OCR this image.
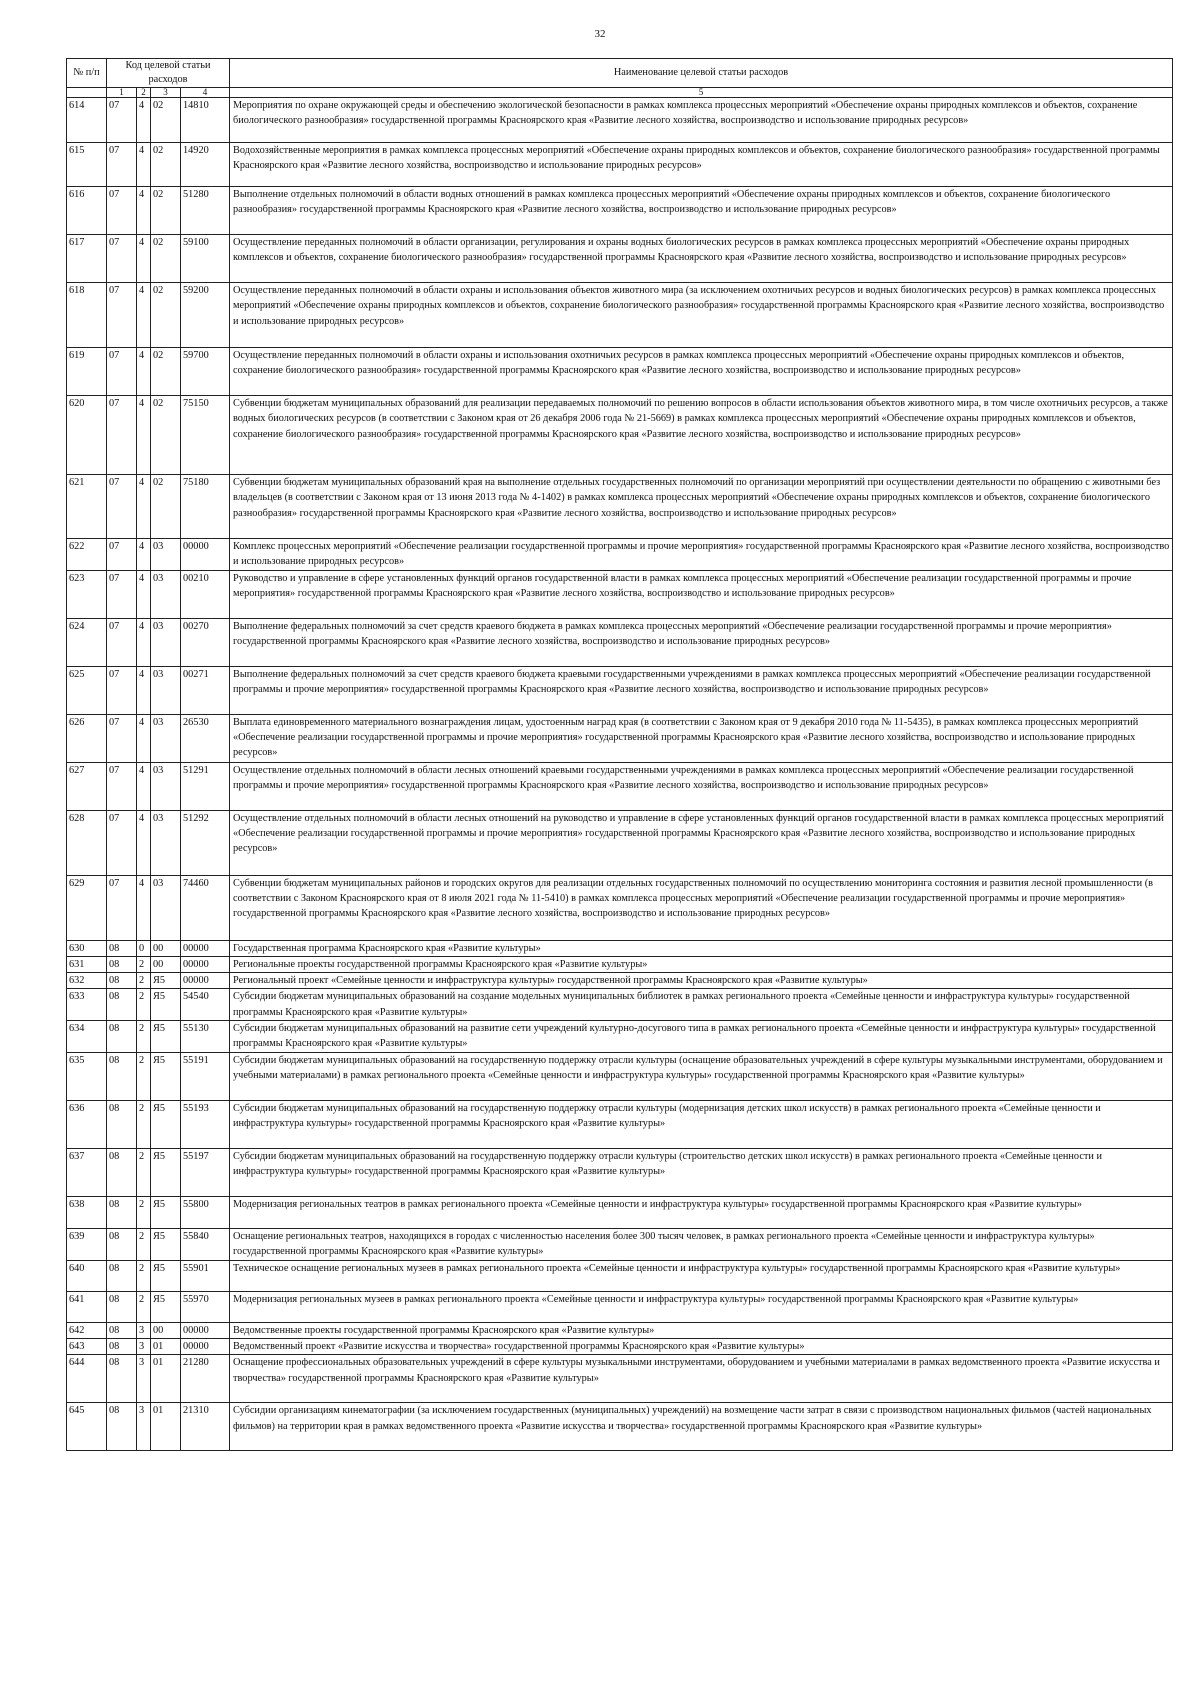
32
№ п/п	Код целевой статьи расходов				Наименование целевой статьи расходов

	1	2	3	4	5
614	07	4	02	14810	Мероприятия по охране окружающей среды и обеспечению экологической безопасности в рамках комплекса процессных мероприятий «Обеспечение охраны природных комплексов и объектов, сохранение биологического разнообразия» государственной программы Красноярского края «Развитие лесного хозяйства, воспроизводство и использование природных ресурсов»
615	07	4	02	14920	Водохозяйственные мероприятия в рамках комплекса процессных мероприятий «Обеспечение охраны природных комплексов и объектов, сохранение биологического разнообразия» государственной программы Красноярского края «Развитие лесного хозяйства, воспроизводство и использование природных ресурсов»
616	07	4	02	51280	Выполнение отдельных полномочий в области водных отношений в рамках комплекса процессных мероприятий «Обеспечение охраны природных комплексов и объектов, сохранение биологического разнообразия» государственной программы Красноярского края «Развитие лесного хозяйства, воспроизводство и использование природных ресурсов»
617	07	4	02	59100	Осуществление переданных полномочий в области организации, регулирования и охраны водных биологических ресурсов в рамках комплекса процессных мероприятий «Обеспечение охраны природных комплексов и объектов, сохранение биологического разнообразия» государственной программы Красноярского края «Развитие лесного хозяйства, воспроизводство и использование природных ресурсов»
618	07	4	02	59200	Осуществление переданных полномочий в области охраны и использования объектов животного мира (за исключением охотничьих ресурсов и водных биологических ресурсов) в рамках комплекса процессных мероприятий «Обеспечение охраны природных комплексов и объектов, сохранение биологического разнообразия» государственной программы Красноярского края «Развитие лесного хозяйства, воспроизводство и использование природных ресурсов»
619	07	4	02	59700	Осуществление переданных полномочий в области охраны и использования охотничьих ресурсов в рамках комплекса процессных мероприятий «Обеспечение охраны природных комплексов и объектов, сохранение биологического разнообразия» государственной программы Красноярского края «Развитие лесного хозяйства, воспроизводство и использование природных ресурсов»
620	07	4	02	75150	Субвенции бюджетам муниципальных образований для реализации передаваемых полномочий по решению вопросов в области использования объектов животного мира, в том числе охотничьих ресурсов, а также водных биологических ресурсов (в соответствии с Законом края от 26 декабря 2006 года № 21-5669) в рамках комплекса процессных мероприятий «Обеспечение охраны природных комплексов и объектов, сохранение биологического разнообразия» государственной программы Красноярского края «Развитие лесного хозяйства, воспроизводство и использование природных ресурсов»
621	07	4	02	75180	Субвенции бюджетам муниципальных образований края на выполнение отдельных государственных полномочий по организации мероприятий при осуществлении деятельности по обращению с животными без владельцев (в соответствии с Законом края от 13 июня 2013 года № 4-1402) в рамках комплекса процессных мероприятий «Обеспечение охраны природных комплексов и объектов, сохранение биологического разнообразия» государственной программы Красноярского края «Развитие лесного хозяйства, воспроизводство и использование природных ресурсов»
622	07	4	03	00000	Комплекс процессных мероприятий «Обеспечение реализации государственной программы и прочие мероприятия» государственной программы Красноярского края «Развитие лесного хозяйства, воспроизводство и использование природных ресурсов»
623	07	4	03	00210	Руководство и управление в сфере установленных функций органов государственной власти в рамках комплекса процессных мероприятий «Обеспечение реализации государственной программы и прочие мероприятия» государственной программы Красноярского края «Развитие лесного хозяйства, воспроизводство и использование природных ресурсов»
624	07	4	03	00270	Выполнение федеральных полномочий за счет средств краевого бюджета в рамках комплекса процессных мероприятий «Обеспечение реализации государственной программы и прочие мероприятия» государственной программы Красноярского края «Развитие лесного хозяйства, воспроизводство и использование природных ресурсов»
625	07	4	03	00271	Выполнение федеральных полномочий за счет средств краевого бюджета краевыми государственными учреждениями в рамках комплекса процессных мероприятий «Обеспечение реализации государственной программы и прочие мероприятия» государственной программы Красноярского края «Развитие лесного хозяйства, воспроизводство и использование природных ресурсов»
626	07	4	03	26530	Выплата единовременного материального вознаграждения лицам, удостоенным наград края (в соответствии с Законом края от 9 декабря 2010 года № 11-5435), в рамках комплекса процессных мероприятий «Обеспечение реализации государственной программы и прочие мероприятия» государственной программы Красноярского края «Развитие лесного хозяйства, воспроизводство и использование природных ресурсов»
627	07	4	03	51291	Осуществление отдельных полномочий в области лесных отношений краевыми государственными учреждениями в рамках комплекса процессных мероприятий «Обеспечение реализации государственной программы и прочие мероприятия» государственной программы Красноярского края «Развитие лесного хозяйства, воспроизводство и использование природных ресурсов»
628	07	4	03	51292	Осуществление отдельных полномочий в области лесных отношений на руководство и управление в сфере установленных функций органов государственной власти в рамках комплекса процессных мероприятий «Обеспечение реализации государственной программы и прочие мероприятия» государственной программы Красноярского края «Развитие лесного хозяйства, воспроизводство и использование природных ресурсов»
629	07	4	03	74460	Субвенции бюджетам муниципальных районов и городских округов для реализации отдельных государственных полномочий по осуществлению мониторинга состояния и развития лесной промышленности (в соответствии с Законом Красноярского края от 8 июля 2021 года № 11-5410) в рамках комплекса процессных мероприятий «Обеспечение реализации государственной программы и прочие мероприятия» государственной программы Красноярского края «Развитие лесного хозяйства, воспроизводство и использование природных ресурсов»
630	08	0	00	00000	Государственная программа Красноярского края «Развитие культуры»
631	08	2	00	00000	Региональные проекты государственной программы Красноярского края «Развитие культуры»
632	08	2	Я5	00000	Региональный проект «Семейные ценности и инфраструктура культуры» государственной программы Красноярского края «Развитие культуры»
633	08	2	Я5	54540	Субсидии бюджетам муниципальных образований на создание модельных муниципальных библиотек в рамках регионального проекта «Семейные ценности и инфраструктура культуры» государственной программы Красноярского края «Развитие культуры»
634	08	2	Я5	55130	Субсидии бюджетам муниципальных образований на развитие сети учреждений культурно-досугового типа в рамках регионального проекта «Семейные ценности и инфраструктура культуры» государственной программы Красноярского края «Развитие культуры»
635	08	2	Я5	55191	Субсидии бюджетам муниципальных образований на государственную поддержку отрасли культуры (оснащение образовательных учреждений в сфере культуры музыкальными инструментами, оборудованием и учебными материалами) в рамках регионального проекта «Семейные ценности и инфраструктура культуры» государственной программы Красноярского края «Развитие культуры»
636	08	2	Я5	55193	Субсидии бюджетам муниципальных образований на государственную поддержку отрасли культуры (модернизация детских школ искусств) в рамках регионального проекта «Семейные ценности и инфраструктура культуры» государственной программы Красноярского края «Развитие культуры»
637	08	2	Я5	55197	Субсидии бюджетам муниципальных образований на государственную поддержку отрасли культуры (строительство детских школ искусств) в рамках регионального проекта «Семейные ценности и инфраструктура культуры» государственной программы Красноярского края «Развитие культуры»
638	08	2	Я5	55800	Модернизация региональных театров в рамках регионального проекта «Семейные ценности и инфраструктура культуры» государственной программы Красноярского края «Развитие культуры»
639	08	2	Я5	55840	Оснащение региональных театров, находящихся в городах с численностью населения более 300 тысяч человек, в рамках регионального проекта «Семейные ценности и инфраструктура культуры» государственной программы Красноярского края «Развитие культуры»
640	08	2	Я5	55901	Техническое оснащение региональных музеев в рамках регионального проекта «Семейные ценности и инфраструктура культуры» государственной программы Красноярского края «Развитие культуры»
641	08	2	Я5	55970	Модернизация региональных музеев в рамках регионального проекта «Семейные ценности и инфраструктура культуры» государственной программы Красноярского края «Развитие культуры»
642	08	3	00	00000	Ведомственные проекты государственной программы Красноярского края «Развитие культуры»
643	08	3	01	00000	Ведомственный проект «Развитие искусства и творчества» государственной программы Красноярского края «Развитие культуры»
644	08	3	01	21280	Оснащение профессиональных образовательных учреждений в сфере культуры музыкальными инструментами, оборудованием и учебными материалами в рамках ведомственного проекта «Развитие искусства и творчества» государственной программы Красноярского края «Развитие культуры»
645	08	3	01	21310	Субсидии организациям кинематографии (за исключением государственных (муниципальных) учреждений) на возмещение части затрат в связи с производством национальных фильмов (частей национальных фильмов) на территории края в рамках ведомственного проекта «Развитие искусства и творчества» государственной программы Красноярского края «Развитие культуры»
